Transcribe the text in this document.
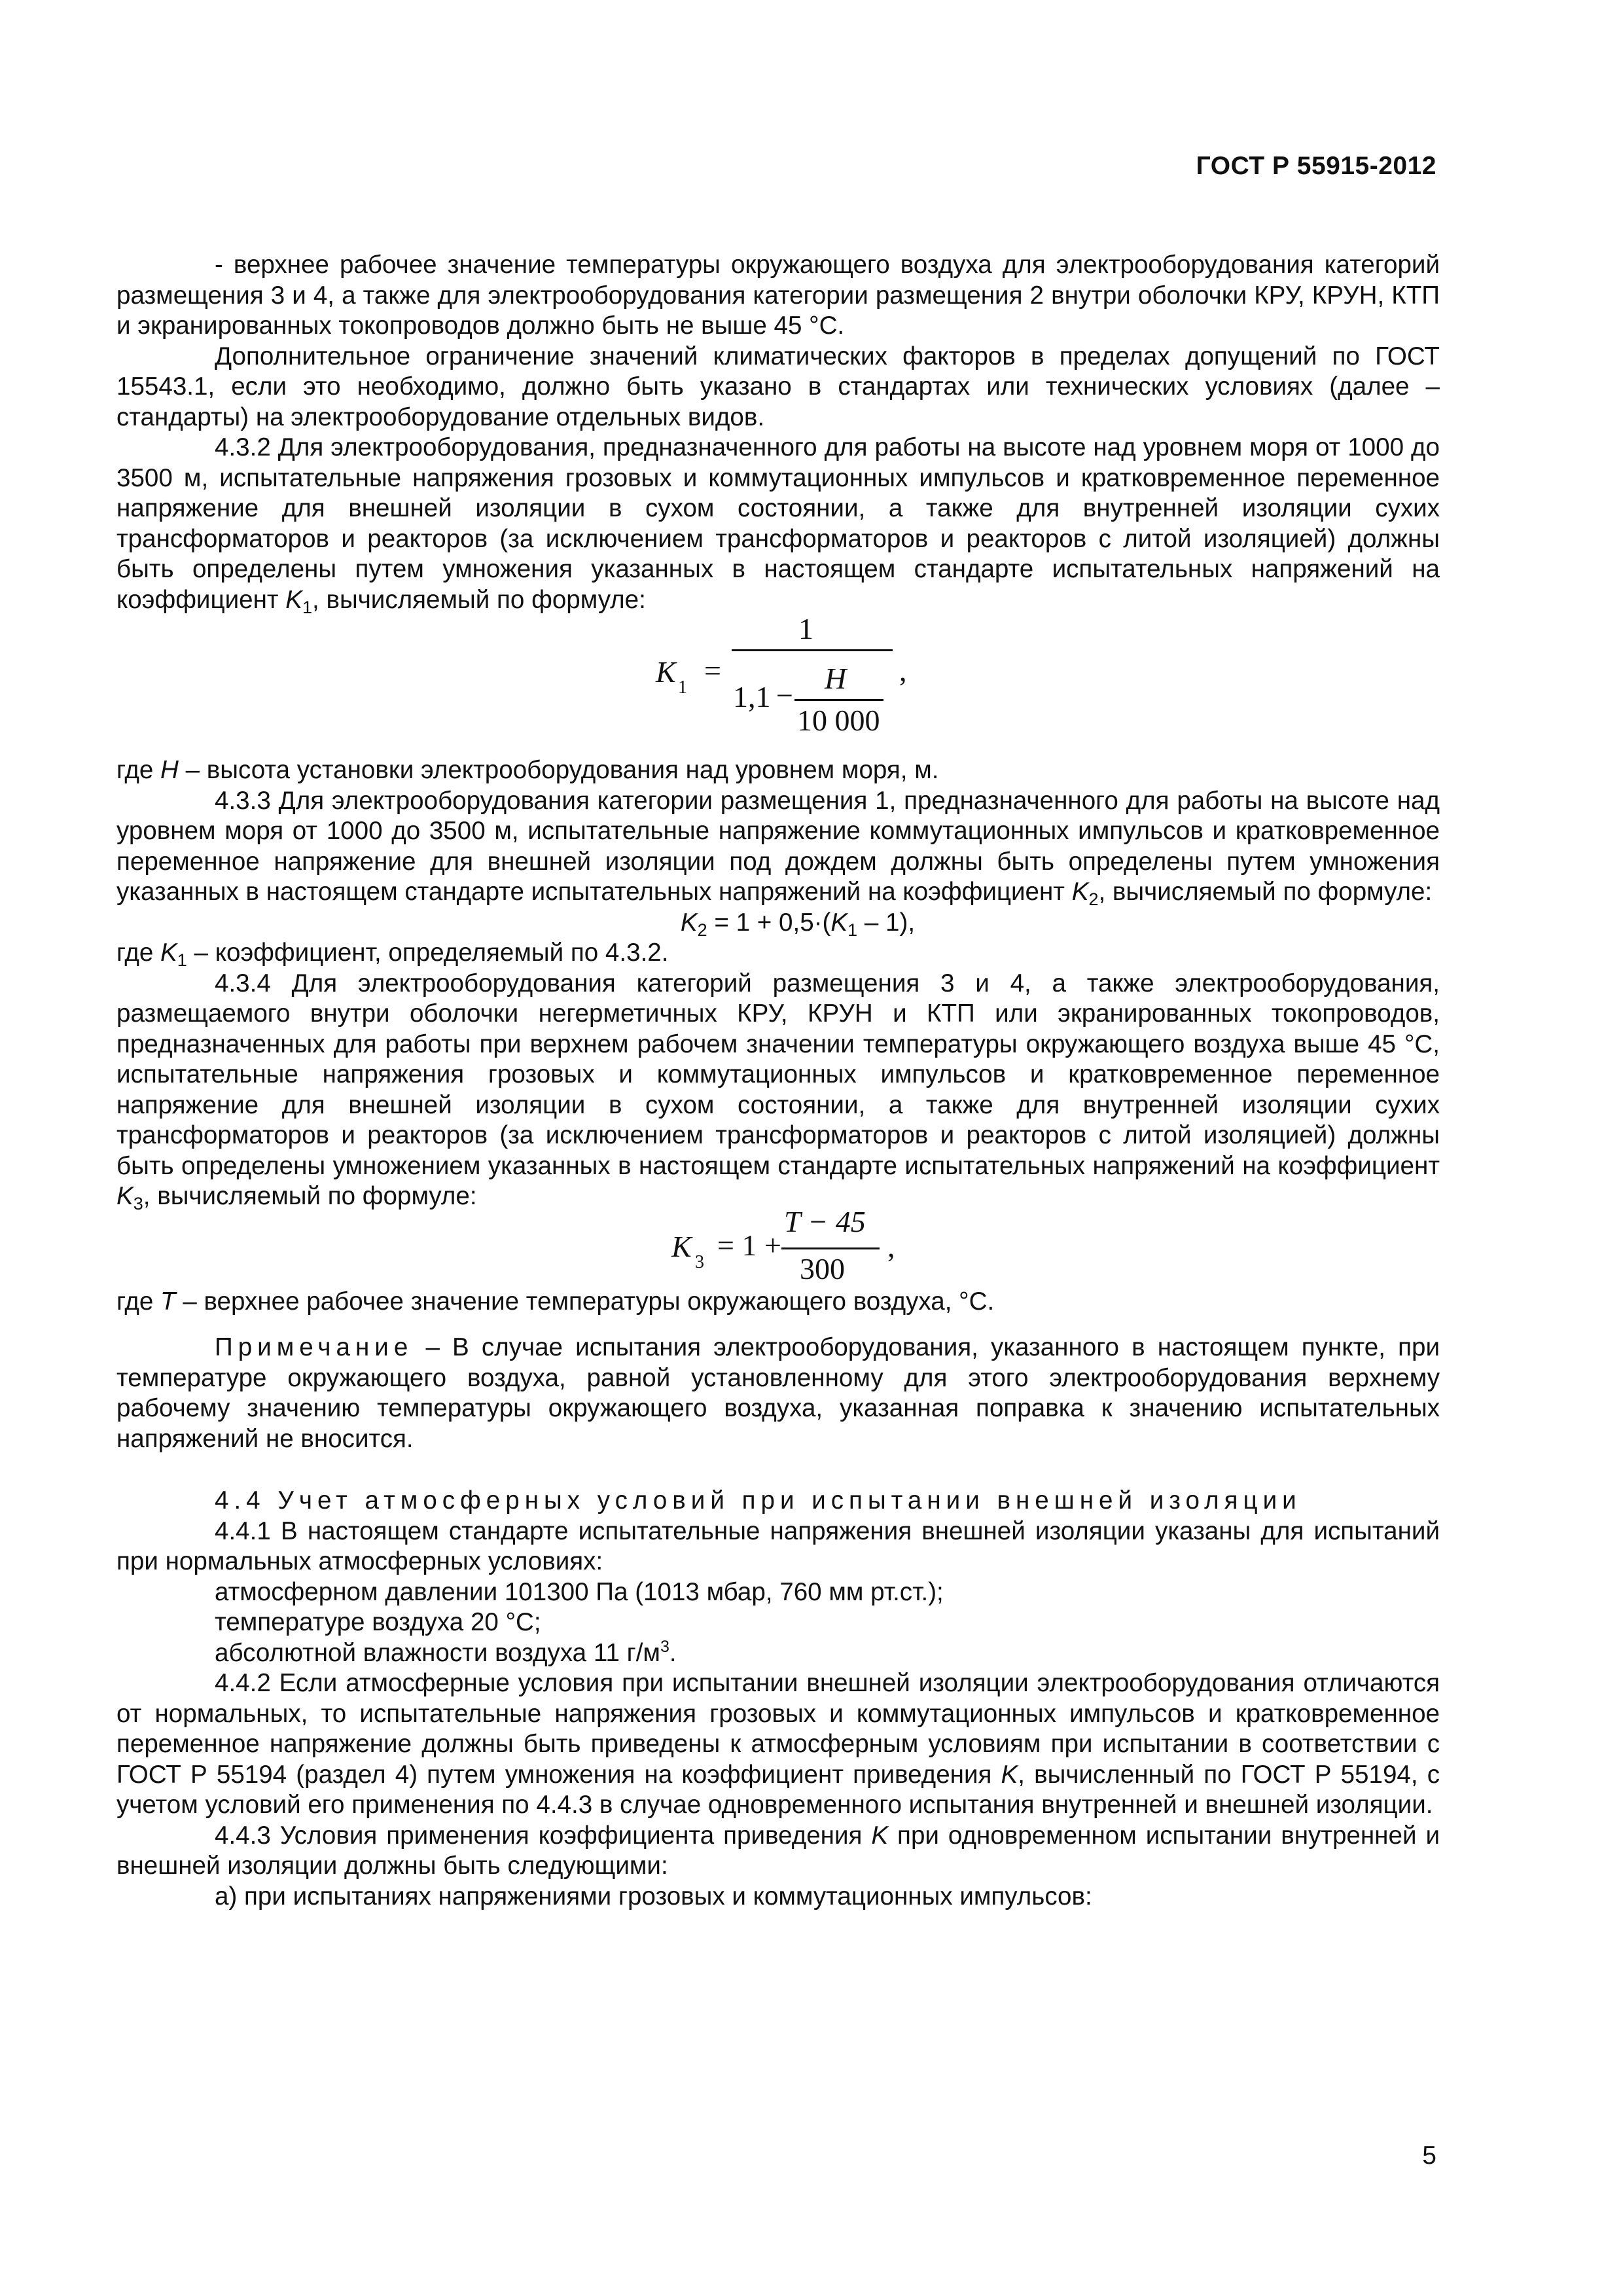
ГОСТ Р 55915-2012

- верхнее рабочее значение температуры окружающего воздуха для электрооборудования категорий размещения 3 и 4, а также для электрооборудования категории размещения 2 внутри оболочки КРУ, КРУН, КТП и экранированных токопроводов должно быть не выше 45 °С.

Дополнительное ограничение значений климатических факторов в пределах допущений по ГОСТ 15543.1, если это необходимо, должно быть указано в стандартах или технических условиях (далее – стандарты) на электрооборудование отдельных видов.

4.3.2 Для электрооборудования, предназначенного для работы на высоте над уровнем моря от 1000 до 3500 м, испытательные напряжения грозовых и коммутационных импульсов и кратковременное переменное напряжение для внешней изоляции в сухом состоянии, а также для внутренней изоляции сухих трансформаторов и реакторов (за исключением трансформаторов и реакторов с литой изоляцией) должны быть определены путем умножения указанных в настоящем стандарте испытательных напряжений на коэффициент $K_1$, вычисляемый по формуле:

K 1
=
1
1,1 −
H
10 000
,

где H – высота установки электрооборудования над уровнем моря, м.

4.3.3 Для электрооборудования категории размещения 1, предназначенного для работы на высоте над уровнем моря от 1000 до 3500 м, испытательные напряжение коммутационных импульсов и кратковременное переменное напряжение для внешней изоляции под дождем должны быть определены путем умножения указанных в настоящем стандарте испытательных напряжений на коэффициент $K_2$, вычисляемый по формуле:

$K_2 = 1 + 0,5\cdot(K_1 - 1)$,

где $K_1$ – коэффициент, определяемый по 4.3.2.

4.3.4 Для электрооборудования категорий размещения 3 и 4, а также электрооборудования, размещаемого внутри оболочки негерметичных КРУ, КРУН и КТП или экранированных токопроводов, предназначенных для работы при верхнем рабочем значении температуры окружающего воздуха выше 45 °С, испытательные напряжения грозовых и коммутационных импульсов и кратковременное переменное напряжение для внешней изоляции в сухом состоянии, а также для внутренней изоляции сухих трансформаторов и реакторов (за исключением трансформаторов и реакторов с литой изоляцией) должны быть определены умножением указанных в настоящем стандарте испытательных напряжений на коэффициент $K_3$, вычисляемый по формуле:

K 3
= 1 +
T − 45
300
,

где T – верхнее рабочее значение температуры окружающего воздуха, °С.

Примечание – В случае испытания электрооборудования, указанного в настоящем пункте, при температуре окружающего воздуха, равной установленному для этого электрооборудования верхнему рабочему значению температуры окружающего воздуха, указанная поправка к значению испытательных напряжений не вносится.

4.4 Учет атмосферных условий при испытании внешней изоляции

4.4.1 В настоящем стандарте испытательные напряжения внешней изоляции указаны для испытаний при нормальных атмосферных условиях:

атмосферном давлении 101300 Па (1013 мбар, 760 мм рт.ст.);

температуре воздуха 20 °С;

абсолютной влажности воздуха 11 $г/м^3$.

4.4.2 Если атмосферные условия при испытании внешней изоляции электрооборудования отличаются от нормальных, то испытательные напряжения грозовых и коммутационных импульсов и кратковременное переменное напряжение должны быть приведены к атмосферным условиям при испытании в соответствии с ГОСТ Р 55194 (раздел 4) путем умножения на коэффициент приведения K, вычисленный по ГОСТ Р 55194, с учетом условий его применения по 4.4.3 в случае одновременного испытания внутренней и внешней изоляции.

4.4.3 Условия применения коэффициента приведения K при одновременном испытании внутренней и внешней изоляции должны быть следующими:

а) при испытаниях напряжениями грозовых и коммутационных импульсов:

5
